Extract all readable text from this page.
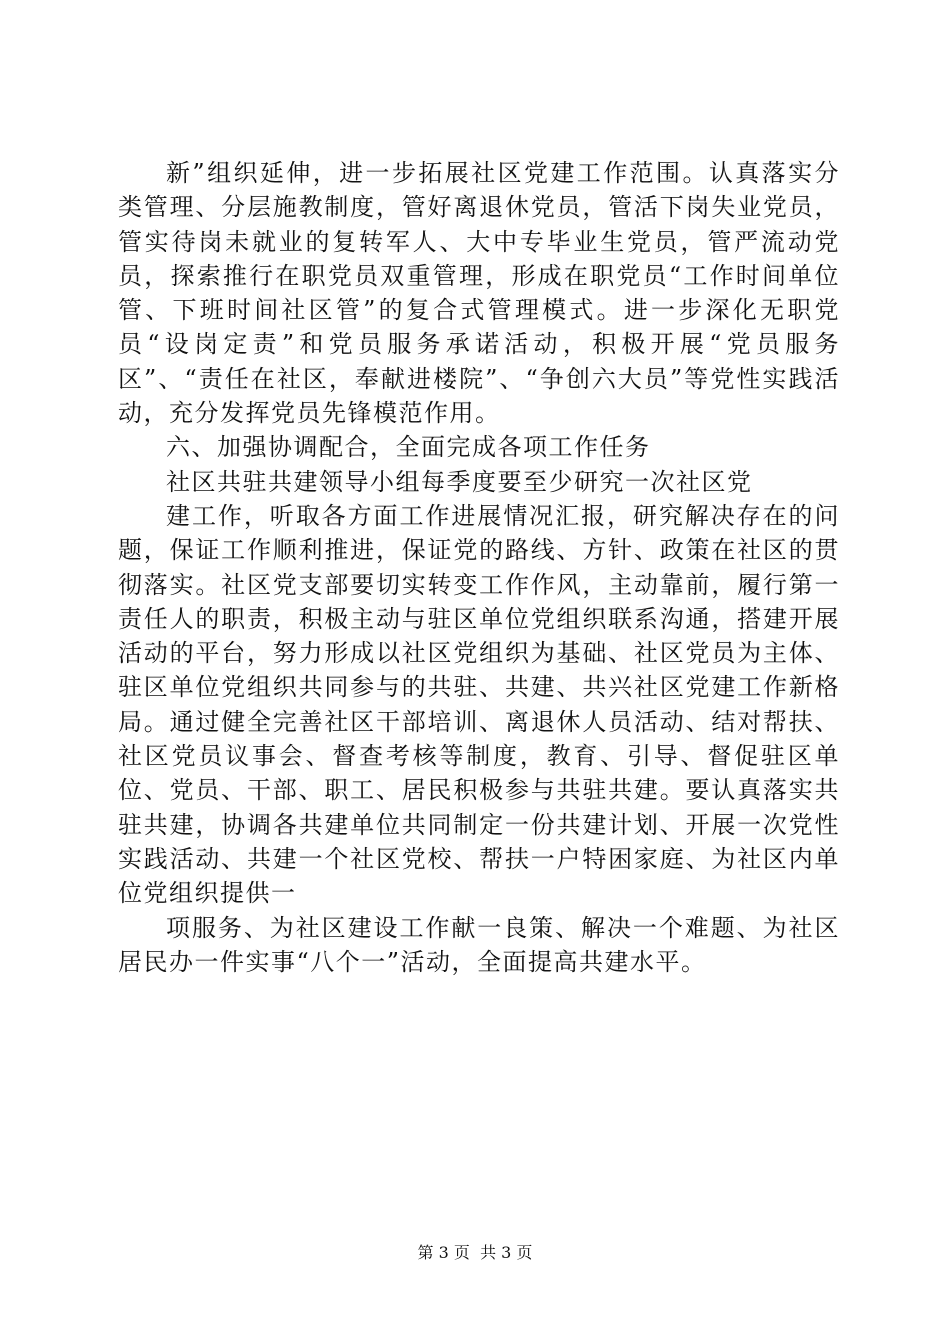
新”组织延伸，进一步拓展社区党建工作范围。认真落实分类管理、分层施教制度，管好离退休党员，管活下岗失业党员，管实待岗未就业的复转军人、大中专毕业生党员，管严流动党员，探索推行在职党员双重管理，形成在职党员“工作时间单位管、下班时间社区管”的复合式管理模式。进一步深化无职党员“设岗定责”和党员服务承诺活动，积极开展“党员服务区”、“责任在社区，奉献进楼院”、“争创六大员”等党性实践活动，充分发挥党员先锋模范作用。

六、加强协调配合，全面完成各项工作任务

社区共驻共建领导小组每季度要至少研究一次社区党

建工作，听取各方面工作进展情况汇报，研究解决存在的问题，保证工作顺利推进，保证党的路线、方针、政策在社区的贯彻落实。社区党支部要切实转变工作作风，主动靠前，履行第一责任人的职责，积极主动与驻区单位党组织联系沟通，搭建开展活动的平台，努力形成以社区党组织为基础、社区党员为主体、驻区单位党组织共同参与的共驻、共建、共兴社区党建工作新格局。通过健全完善社区干部培训、离退休人员活动、结对帮扶、社区党员议事会、督查考核等制度，教育、引导、督促驻区单位、党员、干部、职工、居民积极参与共驻共建。要认真落实共驻共建，协调各共建单位共同制定一份共建计划、开展一次党性实践活动、共建一个社区党校、帮扶一户特困家庭、为社区内单位党组织提供一

项服务、为社区建设工作献一良策、解决一个难题、为社区居民办一件实事“八个一”活动，全面提高共建水平。

第 3 页  共 3 页
